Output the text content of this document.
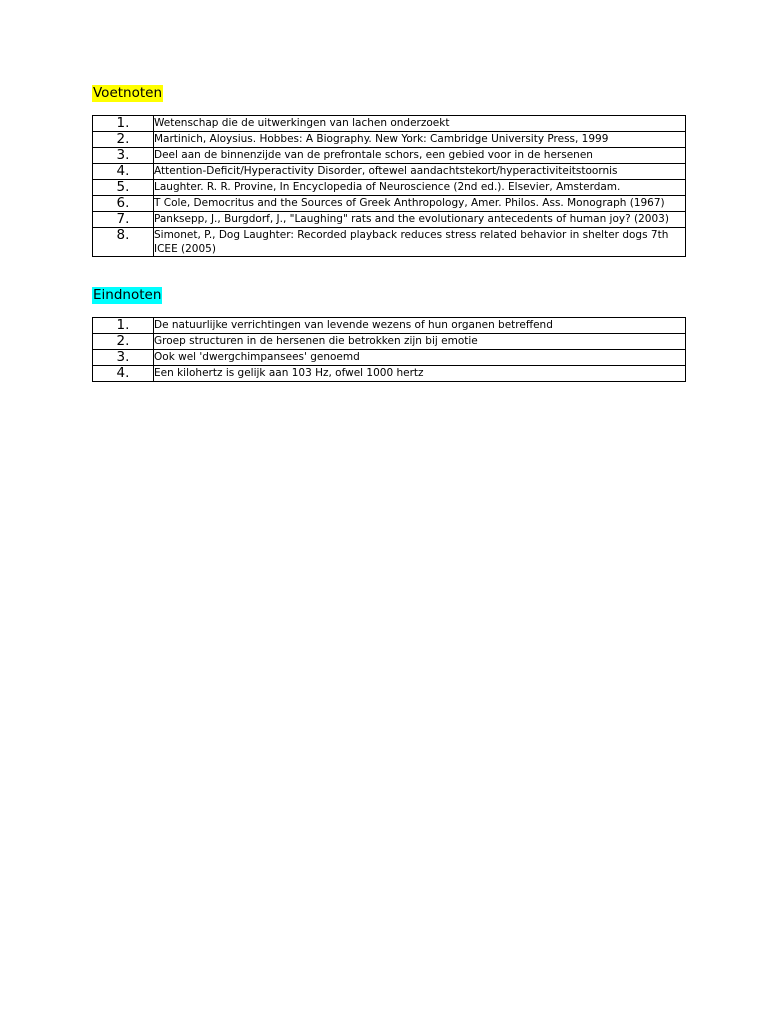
Voetnoten
1.	Wetenschap die de uitwerkingen van lachen onderzoekt
2.	Martinich, Aloysius. Hobbes: A Biography. New York: Cambridge University Press, 1999
3.	Deel aan de binnenzijde van de prefrontale schors, een gebied voor in de hersenen
4.	Attention-Deficit/Hyperactivity Disorder, oftewel aandachtstekort/hyperactiviteitstoornis
5.	Laughter. R. R. Provine, In Encyclopedia of Neuroscience (2nd ed.). Elsevier, Amsterdam.
6.	T Cole, Democritus and the Sources of Greek Anthropology, Amer. Philos. Ass. Monograph (1967)
7.	Panksepp, J., Burgdorf, J., "Laughing" rats and the evolutionary antecedents of human joy? (2003)
8.	Simonet, P., Dog Laughter: Recorded playback reduces stress related behavior in shelter dogs 7th ICEE (2005)
Eindnoten
1.	De natuurlijke verrichtingen van levende wezens of hun organen betreffend
2.	Groep structuren in de hersenen die betrokken zijn bij emotie
3.	Ook wel 'dwergchimpansees' genoemd
4.	Een kilohertz is gelijk aan 103 Hz, ofwel 1000 hertz
